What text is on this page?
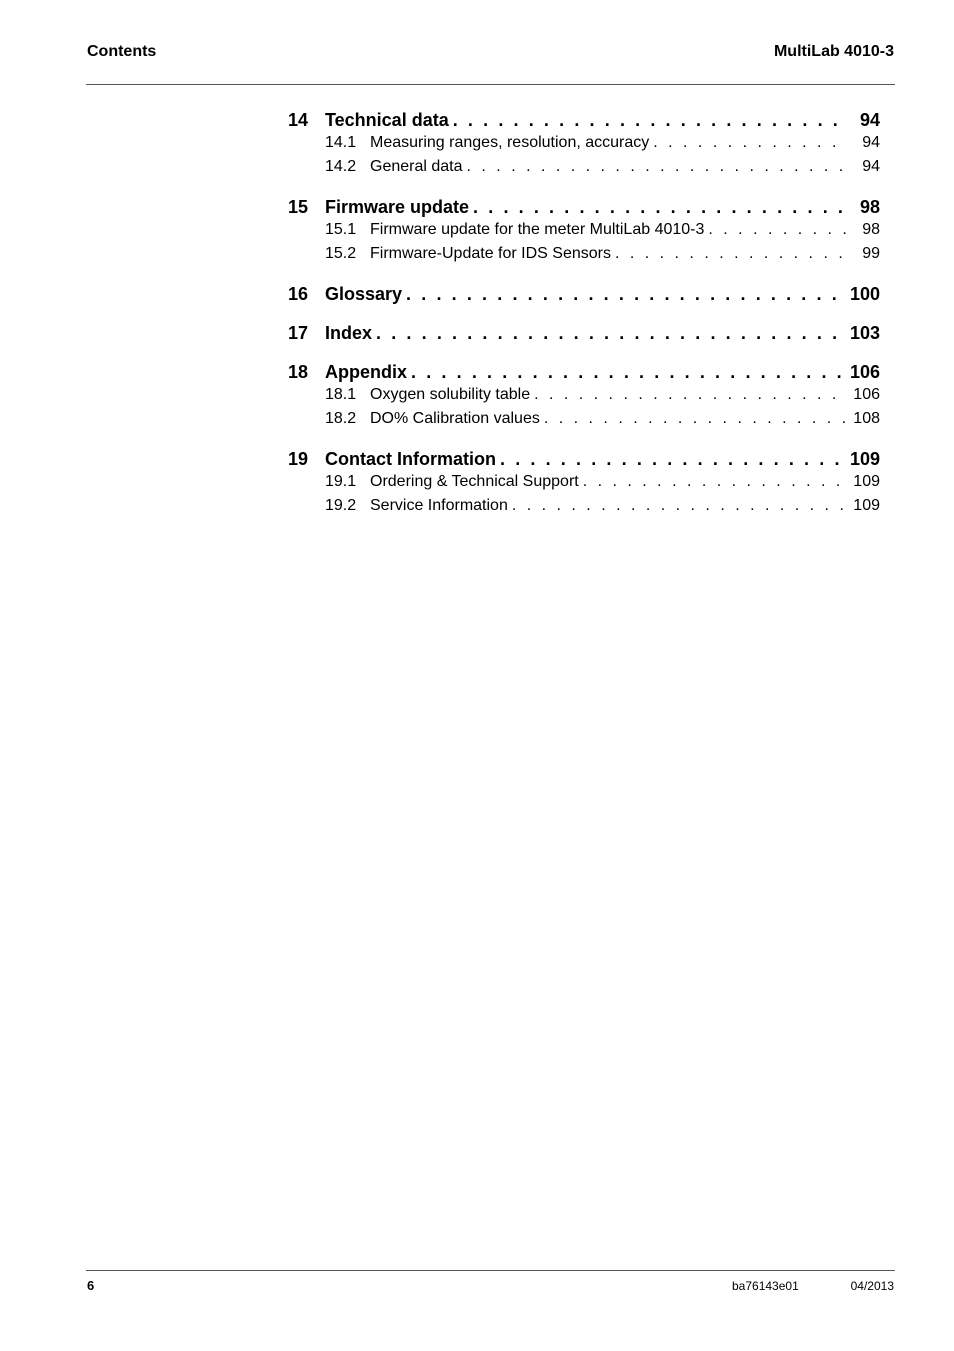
Contents	MultiLab 4010-3
14 Technical data . . .	94
14.1 Measuring ranges, resolution, accuracy . . .	94
14.2 General data . . .	94
15 Firmware update . . .	98
15.1 Firmware update for the meter MultiLab 4010-3 . . .	98
15.2 Firmware-Update for IDS Sensors . . .	99
16 Glossary . . .	100
17 Index . . .	103
18 Appendix . . .	106
18.1 Oxygen solubility table . . .	106
18.2 DO% Calibration values . . .	108
19 Contact Information . . .	109
19.1 Ordering & Technical Support . . .	109
19.2 Service Information . . .	109
6	ba76143e01	04/2013
